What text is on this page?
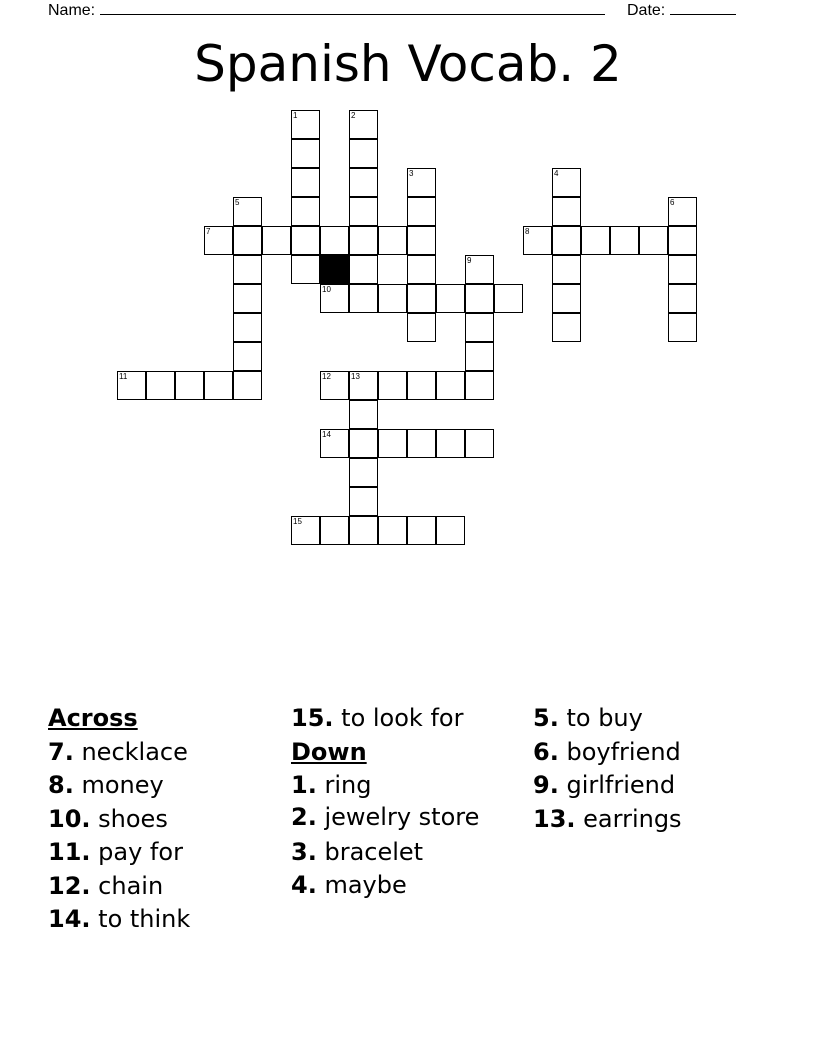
Name:	Date:
Spanish Vocab. 2
1	2
3	4
5	6
9
13
7	8
10
11	12
14
15
Across
7. necklace
8. money
10. shoes
11. pay for
12. chain
14. to think
15. to look for
Down
1. ring
2. jewelry store
3. bracelet
4. maybe
5. to buy
6. boyfriend
9. girlfriend
13. earrings
